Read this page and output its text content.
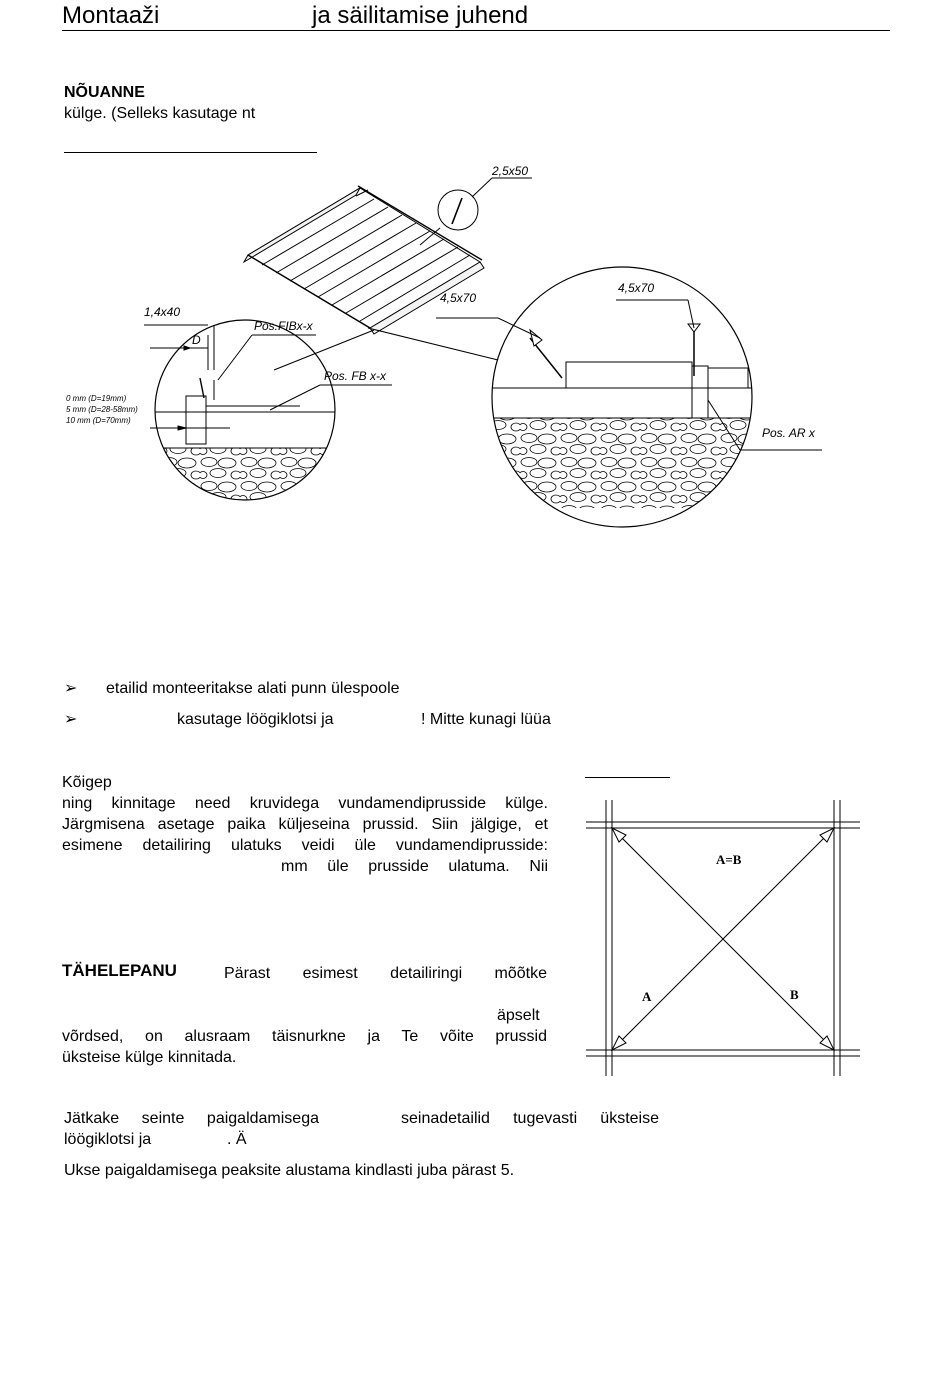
Montaaži	ja säilitamise juhend
NÕUANNE
külge. (Selleks kasutage nt
2,5x50
1,4x40
Pos.FIBx-x
D
0 mm (D=19mm)
5 mm (D=28-58mm)
10 mm (D=70mm)
Pos. FB x-x
4,5x70
4,5x70
Pos. AR x
A=B
A	B
➢ etailid monteeritakse alati punn ülespoole
➢	kasutage löögiklotsi ja	! Mitte kunagi lüüa
Kõigep
ning kinnitage need kruvidega vundamendiprusside külge.
Järgmisena asetage paika küljeseina prussid. Siin jälgige, et
esimene detailiring ulatuks veidi üle vundamendiprusside:
mm üle prusside ulatuma. Nii
TÄHELEPANU	Pärast esimest detailiringi mõõtke
äpselt
võrdsed, on alusraam täisnurkne ja Te võite prussid
üksteise külge kinnitada.
Jätkake seinte paigaldamisega	seinadetailid tugevasti üksteise
löögiklotsi ja	. Ä
Ukse paigaldamisega peaksite alustama kindlasti juba pärast 5.
